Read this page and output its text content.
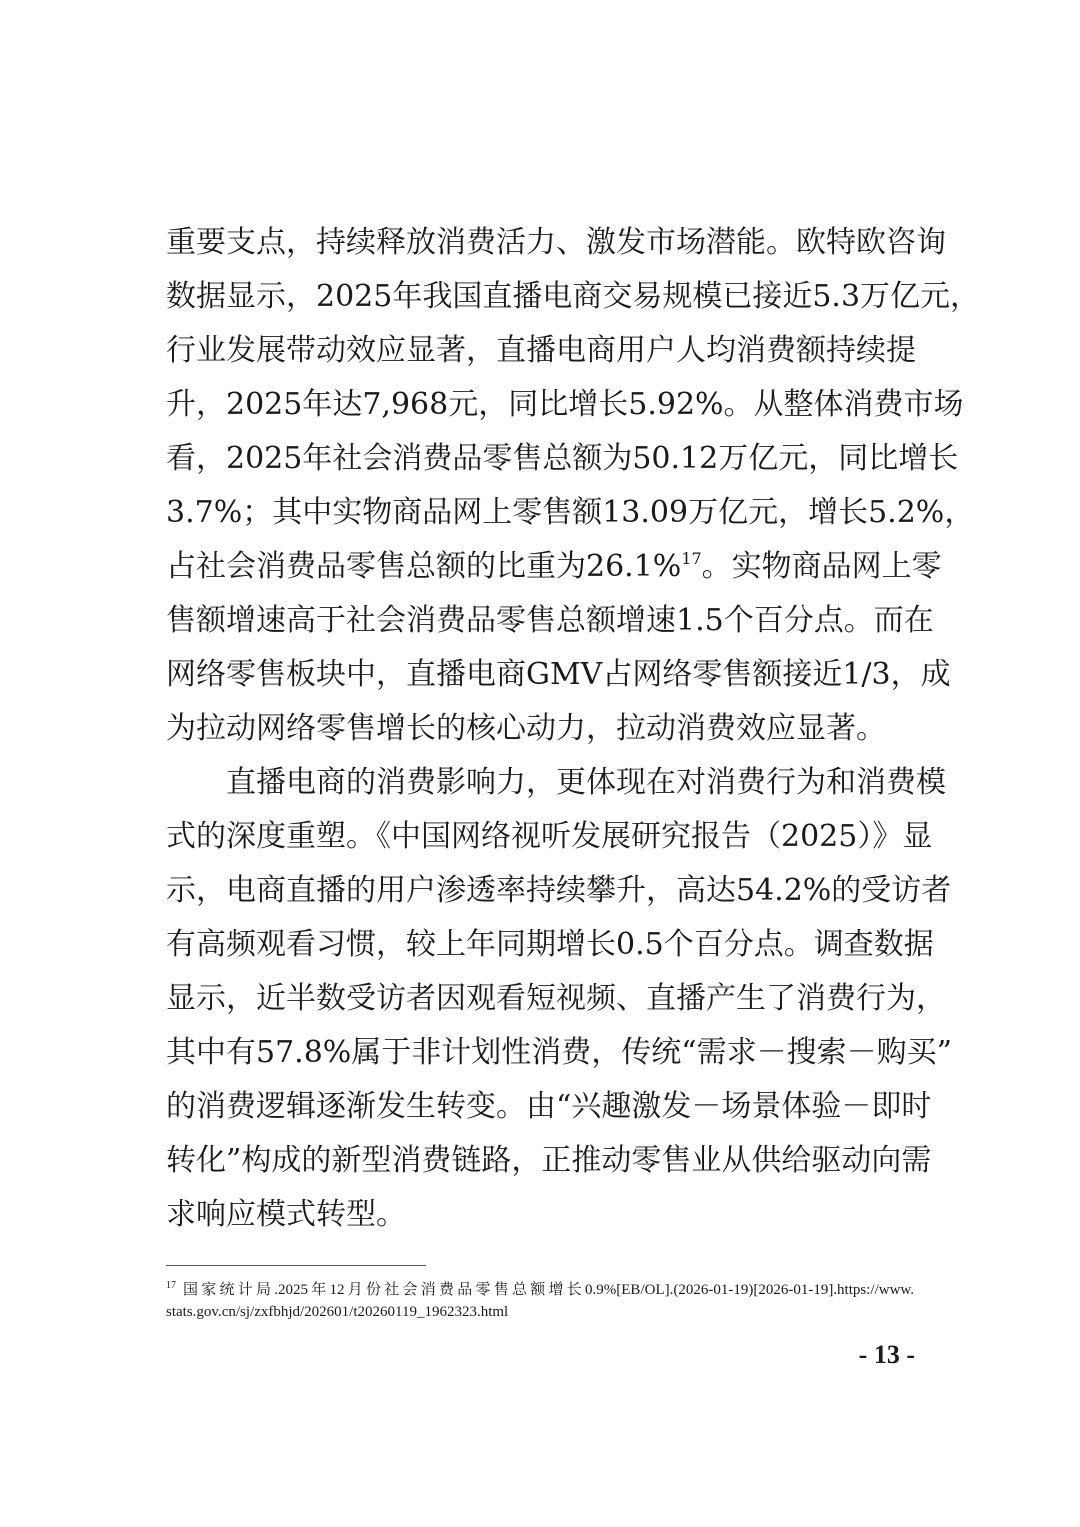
重要支点，持续释放消费活力、激发市场潜能。欧特欧咨询
数据显示，2025年我国直播电商交易规模已接近5.3万亿元，
行业发展带动效应显著，直播电商用户人均消费额持续提
升，2025年达7,968元，同比增长5.92%。从整体消费市场
看，2025年社会消费品零售总额为50.12万亿元，同比增长
3.7%；其中实物商品网上零售额13.09万亿元，增长5.2%，
占社会消费品零售总额的比重为26.1%$^{17}$。实物商品网上零
售额增速高于社会消费品零售总额增速1.5个百分点。而在
网络零售板块中，直播电商GMV占网络零售额接近1/3，成
为拉动网络零售增长的核心动力，拉动消费效应显著。
直播电商的消费影响力，更体现在对消费行为和消费模
式的深度重塑。《中国网络视听发展研究报告（2025）》显
示，电商直播的用户渗透率持续攀升，高达54.2%的受访者
有高频观看习惯，较上年同期增长0.5个百分点。调查数据
显示，近半数受访者因观看短视频、直播产生了消费行为，
其中有57.8%属于非计划性消费，传统“需求－搜索－购买”
的消费逻辑逐渐发生转变。由“兴趣激发－场景体验－即时
转化”构成的新型消费链路，正推动零售业从供给驱动向需
求响应模式转型。
$^{17}$ 国家统计局.2025年12月份社会消费品零售总额增长0.9%[EB/OL].(2026-01-19)[2026-01-19].https://www.
stats.gov.cn/sj/zxfbhjd/202601/t20260119_1962323.html
- 13 -
